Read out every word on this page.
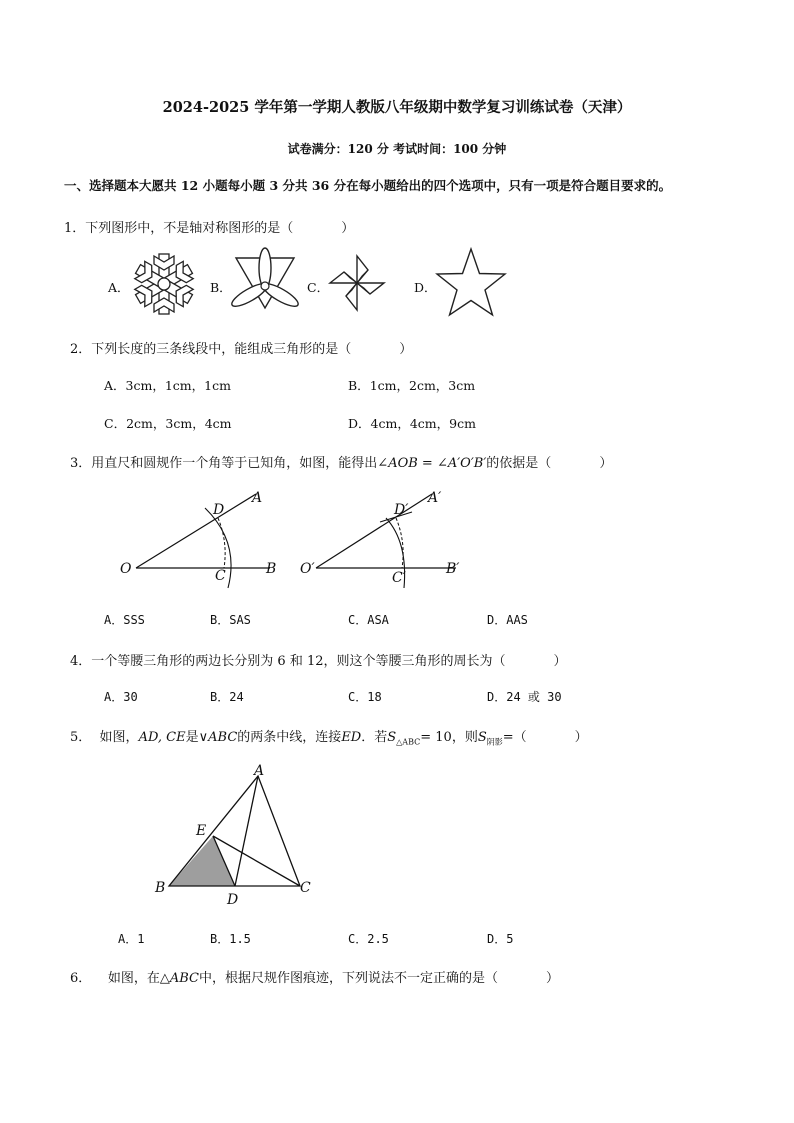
2024-2025 学年第一学期人教版八年级期中数学复习训练试卷（天津）
试卷满分：120 分 考试时间：100 分钟
一、选择题本大愿共 12 小题每小题 3 分共 36 分在每小题给出的四个选项中，只有一项是符合题目要求的。
1．下列图形中，不是轴对称图形的是（	）
A．	B．	C．	D．
2．下列长度的三条线段中，能组成三角形的是（	）
A．3cm，1cm，1cm	B．1cm，2cm，3cm
C．2cm，3cm，4cm	D．4cm，4cm，9cm
3．用直尺和圆规作一个角等于已知角，如图，能得出∠AOB = ∠A′O′B′的依据是（	）
O
A
B
C
D
O′
A′
B′
C′
D′
A．SSS	B．SAS	C．ASA	D．AAS
4．一个等腰三角形的两边长分别为 6 和 12，则这个等腰三角形的周长为（	）
A．30	B．24	C．18	D．24 或 30
5． 如图，AD, CE是∨ABC的两条中线，连接ED．若$S_{\triangle ABC}= 10$，则$S_{阴影}=$（	）
A
B	C
D
E
A．1	B．1.5	C．2.5	D．5
6． 如图，在△ABC中，根据尺规作图痕迹，下列说法不一定正确的是（	）
